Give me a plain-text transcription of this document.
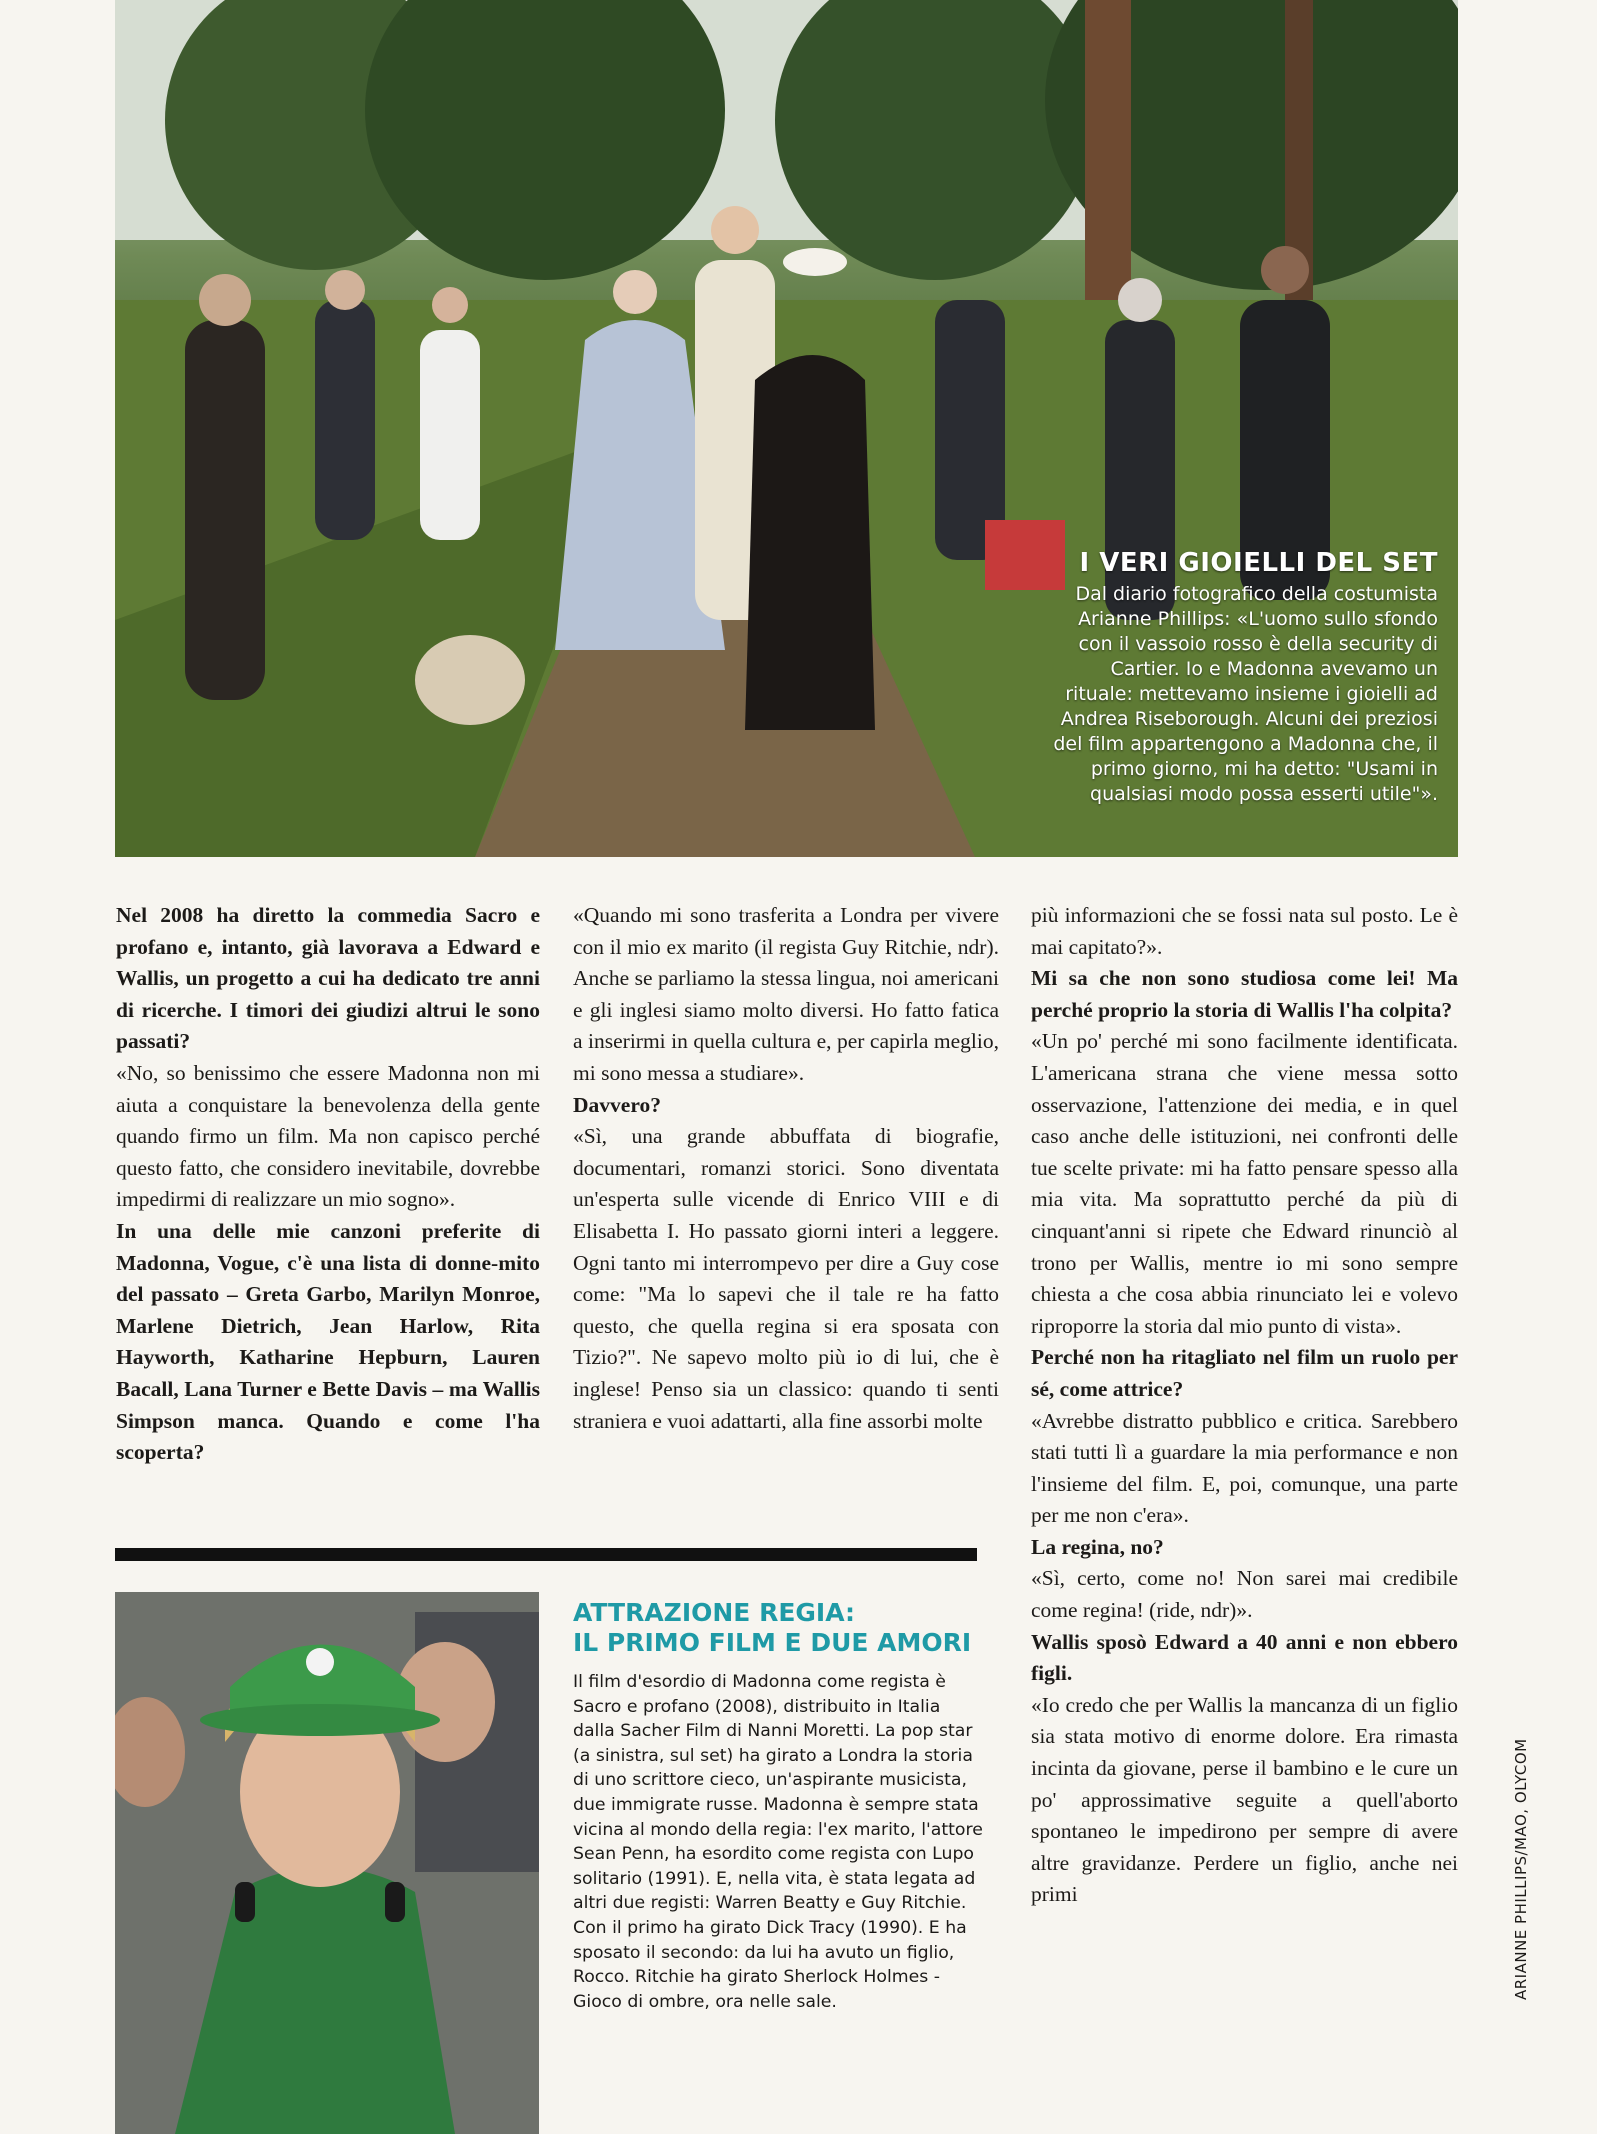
I VERI GIOIELLI DEL SET
Dal diario fotografico della costumista Arianne Phillips: «L'uomo sullo sfondo con il vassoio rosso è della security di Cartier. Io e Madonna avevamo un rituale: mettevamo insieme i gioielli ad Andrea Riseborough. Alcuni dei preziosi del film appartengono a Madonna che, il primo giorno, mi ha detto: "Usami in qualsiasi modo possa esserti utile"».

Nel 2008 ha diretto la commedia Sacro e profano e, intanto, già lavorava a Edward e Wallis, un progetto a cui ha dedicato tre anni di ricerche. I timori dei giudizi altrui le sono passati?

«No, so benissimo che essere Madonna non mi aiuta a conquistare la benevolenza della gente quando firmo un film. Ma non capisco perché questo fatto, che considero inevitabile, dovrebbe impedirmi di realizzare un mio sogno».

In una delle mie canzoni preferite di Madonna, Vogue, c'è una lista di donne-mito del passato – Greta Garbo, Marilyn Monroe, Marlene Dietrich, Jean Harlow, Rita Hayworth, Katharine Hepburn, Lauren Bacall, Lana Turner e Bette Davis – ma Wallis Simpson manca. Quando e come l'ha scoperta?

«Quando mi sono trasferita a Londra per vivere con il mio ex marito (il regista Guy Ritchie, ndr). Anche se parliamo la stessa lingua, noi americani e gli inglesi siamo molto diversi. Ho fatto fatica a inserirmi in quella cultura e, per capirla meglio, mi sono messa a studiare».

Davvero?

«Sì, una grande abbuffata di biografie, documentari, romanzi storici. Sono diventata un'esperta sulle vicende di Enrico VIII e di Elisabetta I. Ho passato giorni interi a leggere. Ogni tanto mi interrompevo per dire a Guy cose come: "Ma lo sapevi che il tale re ha fatto questo, che quella regina si era sposata con Tizio?". Ne sapevo molto più io di lui, che è inglese! Penso sia un classico: quando ti senti straniera e vuoi adattarti, alla fine assorbi molte

più informazioni che se fossi nata sul posto. Le è mai capitato?».

Mi sa che non sono studiosa come lei! Ma perché proprio la storia di Wallis l'ha colpita?

«Un po' perché mi sono facilmente identificata. L'americana strana che viene messa sotto osservazione, l'attenzione dei media, e in quel caso anche delle istituzioni, nei confronti delle tue scelte private: mi ha fatto pensare spesso alla mia vita. Ma soprattutto perché da più di cinquant'anni si ripete che Edward rinunciò al trono per Wallis, mentre io mi sono sempre chiesta a che cosa abbia rinunciato lei e volevo riproporre la storia dal mio punto di vista».

Perché non ha ritagliato nel film un ruolo per sé, come attrice?

«Avrebbe distratto pubblico e critica. Sarebbero stati tutti lì a guardare la mia performance e non l'insieme del film. E, poi, comunque, una parte per me non c'era».

La regina, no?

«Sì, certo, come no! Non sarei mai credibile come regina! (ride, ndr)».

Wallis sposò Edward a 40 anni e non ebbero figli.

«Io credo che per Wallis la mancanza di un figlio sia stata motivo di enorme dolore. Era rimasta incinta da giovane, perse il bambino e le cure un po' approssimative seguite a quell'aborto spontaneo le impedirono per sempre di avere altre gravidanze. Perdere un figlio, anche nei primi

ATTRAZIONE REGIA:
IL PRIMO FILM E DUE AMORI
Il film d'esordio di Madonna come regista è Sacro e profano (2008), distribuito in Italia dalla Sacher Film di Nanni Moretti. La pop star (a sinistra, sul set) ha girato a Londra la storia di uno scrittore cieco, un'aspirante musicista, due immigrate russe. Madonna è sempre stata vicina al mondo della regia: l'ex marito, l'attore Sean Penn, ha esordito come regista con Lupo solitario (1991). E, nella vita, è stata legata ad altri due registi: Warren Beatty e Guy Ritchie. Con il primo ha girato Dick Tracy (1990). E ha sposato il secondo: da lui ha avuto un figlio, Rocco. Ritchie ha girato Sherlock Holmes - Gioco di ombre, ora nelle sale.
ARIANNE PHILLIPS/MAO, OLYCOM
